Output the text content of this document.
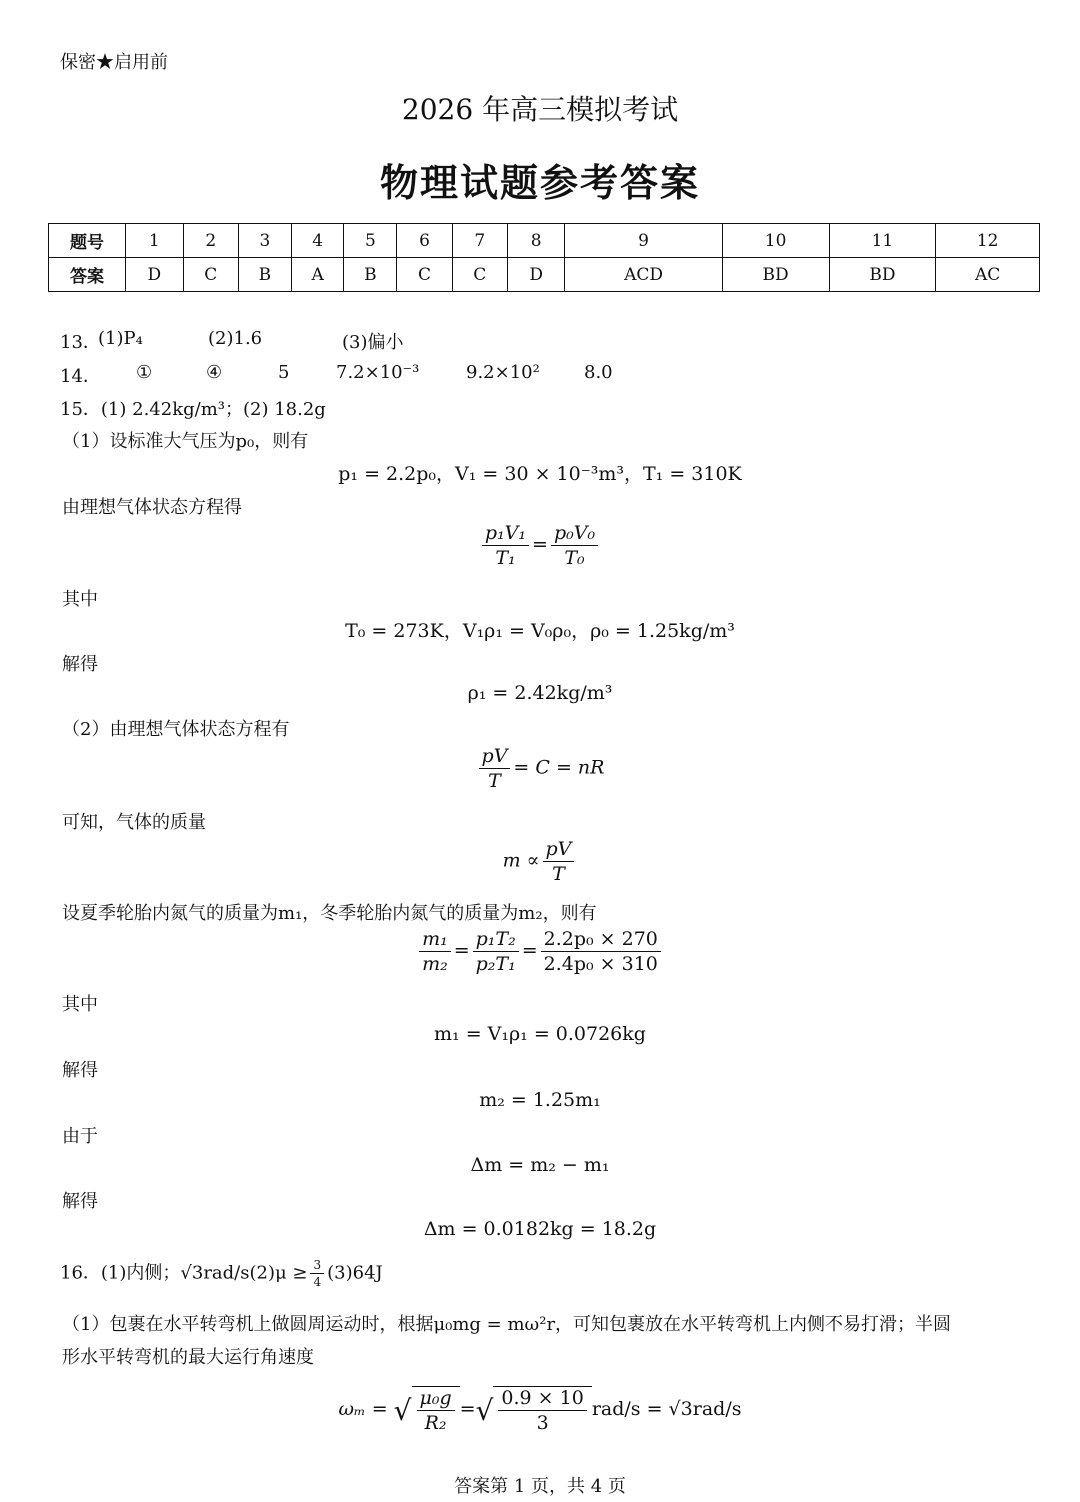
保密★启用前
2026 年高三模拟考试
物理试题参考答案
题号	1	2	3	4	5	6	7	8	9	10	11	12
答案	D	C	B	A	B	C	C	D	ACD	BD	BD	AC
13．
(1)P₄	(2)1.6	(3)偏小
14． ①	④	5	7.2×10⁻³	9.2×10² 8.0
15．(1) 2.42kg/m³；(2) 18.2g
（1）设标准大气压为p₀，则有
p₁ = 2.2p₀，V₁ = 30 × 10⁻³m³，T₁ = 310K
由理想气体状态方程得
$\frac{\text{p₁V₁}}{\text{T₁}} = \frac{\text{p₀V₀}}{\text{T₀}}$
其中
T₀ = 273K，V₁ρ₁ = V₀ρ₀，ρ₀ = 1.25kg/m³
解得
ρ₁ = 2.42kg/m³
（2）由理想气体状态方程有
$\frac{pV}{T} = C$ = nR
可知，气体的质量
$m \propto \frac{pV}{T}$
设夏季轮胎内氮气的质量为m₁，冬季轮胎内氮气的质量为m₂，则有
$\frac{\text{m₁}}{\text{m₂}} = \frac{\text{p₁T₂}}{\text{p₂T₁}} = \frac{\text{2.2p₀ × 270}}{\text{2.4p₀ × 310}}$
其中
m₁ = V₁ρ₁ = 0.0726kg
解得
m₂ = 1.25m₁
由于
Δm = m₂ − m₁
解得
Δm = 0.0182kg = 18.2g
16．(1)内侧；$√3rad/s(2)\mu \ge \frac{3}{4} (3)64J$
（1）包裹在水平转弯机上做圆周运动时，根据μ₀mg = mω²r，可知包裹放在水平转弯机上内侧不易打滑；半圆
形水平转弯机的最大运行角速度
ωₘ = √ $\frac{\text{μ₀g}}{\text{R₂}}$ =√ $\frac{0.9 \times 10}{3} rad/s = √3rad/s$
答案第 1 页，共 4 页
